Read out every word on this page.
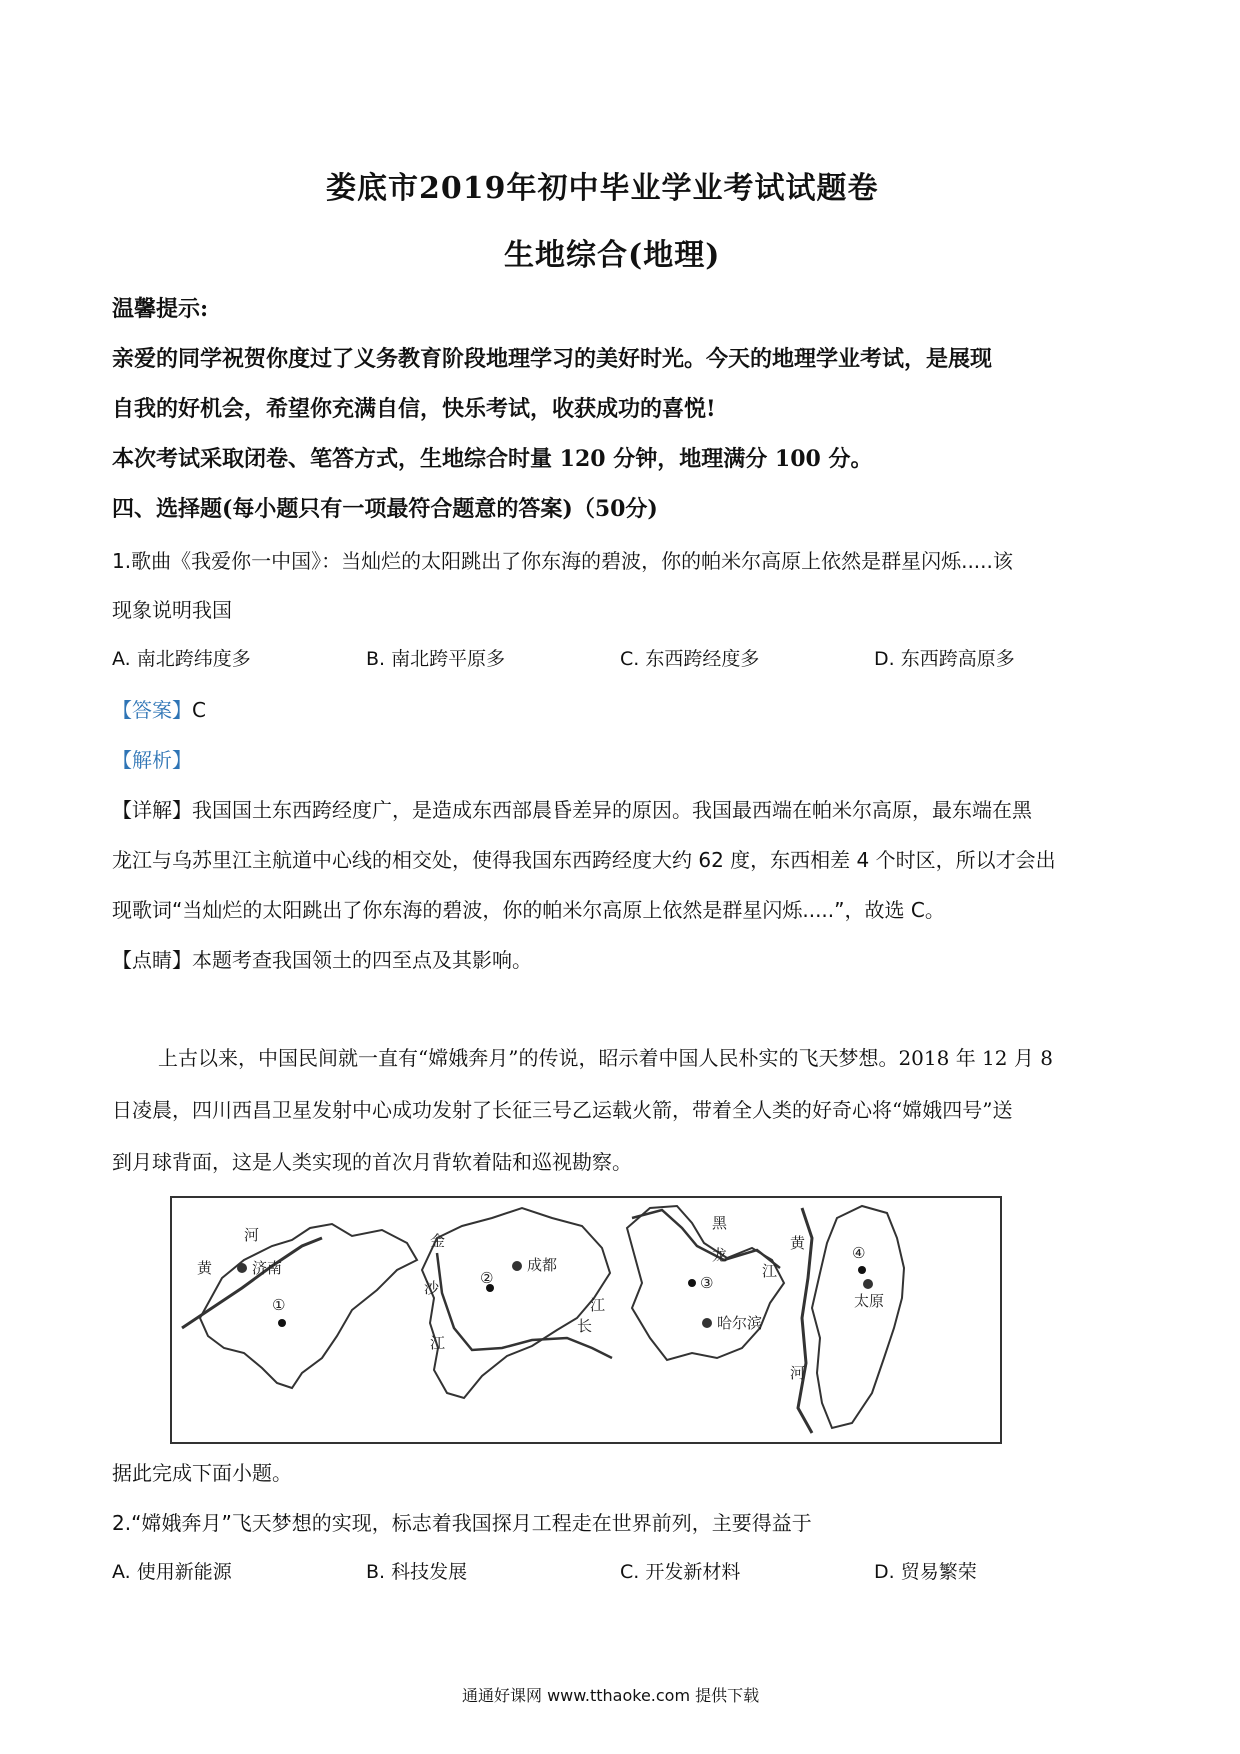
娄底市2019年初中毕业学业考试试题卷
生地综合(地理)
温馨提示:
亲爱的同学祝贺你度过了义务教育阶段地理学习的美好时光。今天的地理学业考试，是展现
自我的好机会，希望你充满自信，快乐考试，收获成功的喜悦!
本次考试采取闭卷、笔答方式，生地综合时量 120 分钟，地理满分 100 分。
四、选择题(每小题只有一项最符合题意的答案)（50分)
1.歌曲《我爱你一中国》：当灿烂的太阳跳出了你东海的碧波，你的帕米尔高原上依然是群星闪烁.....该
现象说明我国
A. 南北跨纬度多	B. 南北跨平原多	C. 东西跨经度多	D. 东西跨高原多
【答案】C
【解析】
【详解】我国国土东西跨经度广，是造成东西部晨昏差异的原因。我国最西端在帕米尔高原，最东端在黑
龙江与乌苏里江主航道中心线的相交处，使得我国东西跨经度大约 62 度，东西相差 4 个时区，所以才会出
现歌词“当灿烂的太阳跳出了你东海的碧波，你的帕米尔高原上依然是群星闪烁.....”，故选 C。
【点睛】本题考查我国领土的四至点及其影响。
上古以来，中国民间就一直有“嫦娥奔月”的传说，昭示着中国人民朴实的飞天梦想。2018 年 12 月 8
日凌晨，四川西昌卫星发射中心成功发射了长征三号乙运载火箭，带着全人类的好奇心将“嫦娥四号”送
到月球背面，这是人类实现的首次月背软着陆和巡视勘察。
河
黄	济南
①
金
沙
江
成都
②
长
江
黑
龙
江
③
哈尔滨
黄
④
太原
河
据此完成下面小题。
2.“嫦娥奔月”飞天梦想的实现，标志着我国探月工程走在世界前列，主要得益于
A. 使用新能源	B. 科技发展	C. 开发新材料	D. 贸易繁荣
通通好课网 www.tthaoke.com 提供下载
